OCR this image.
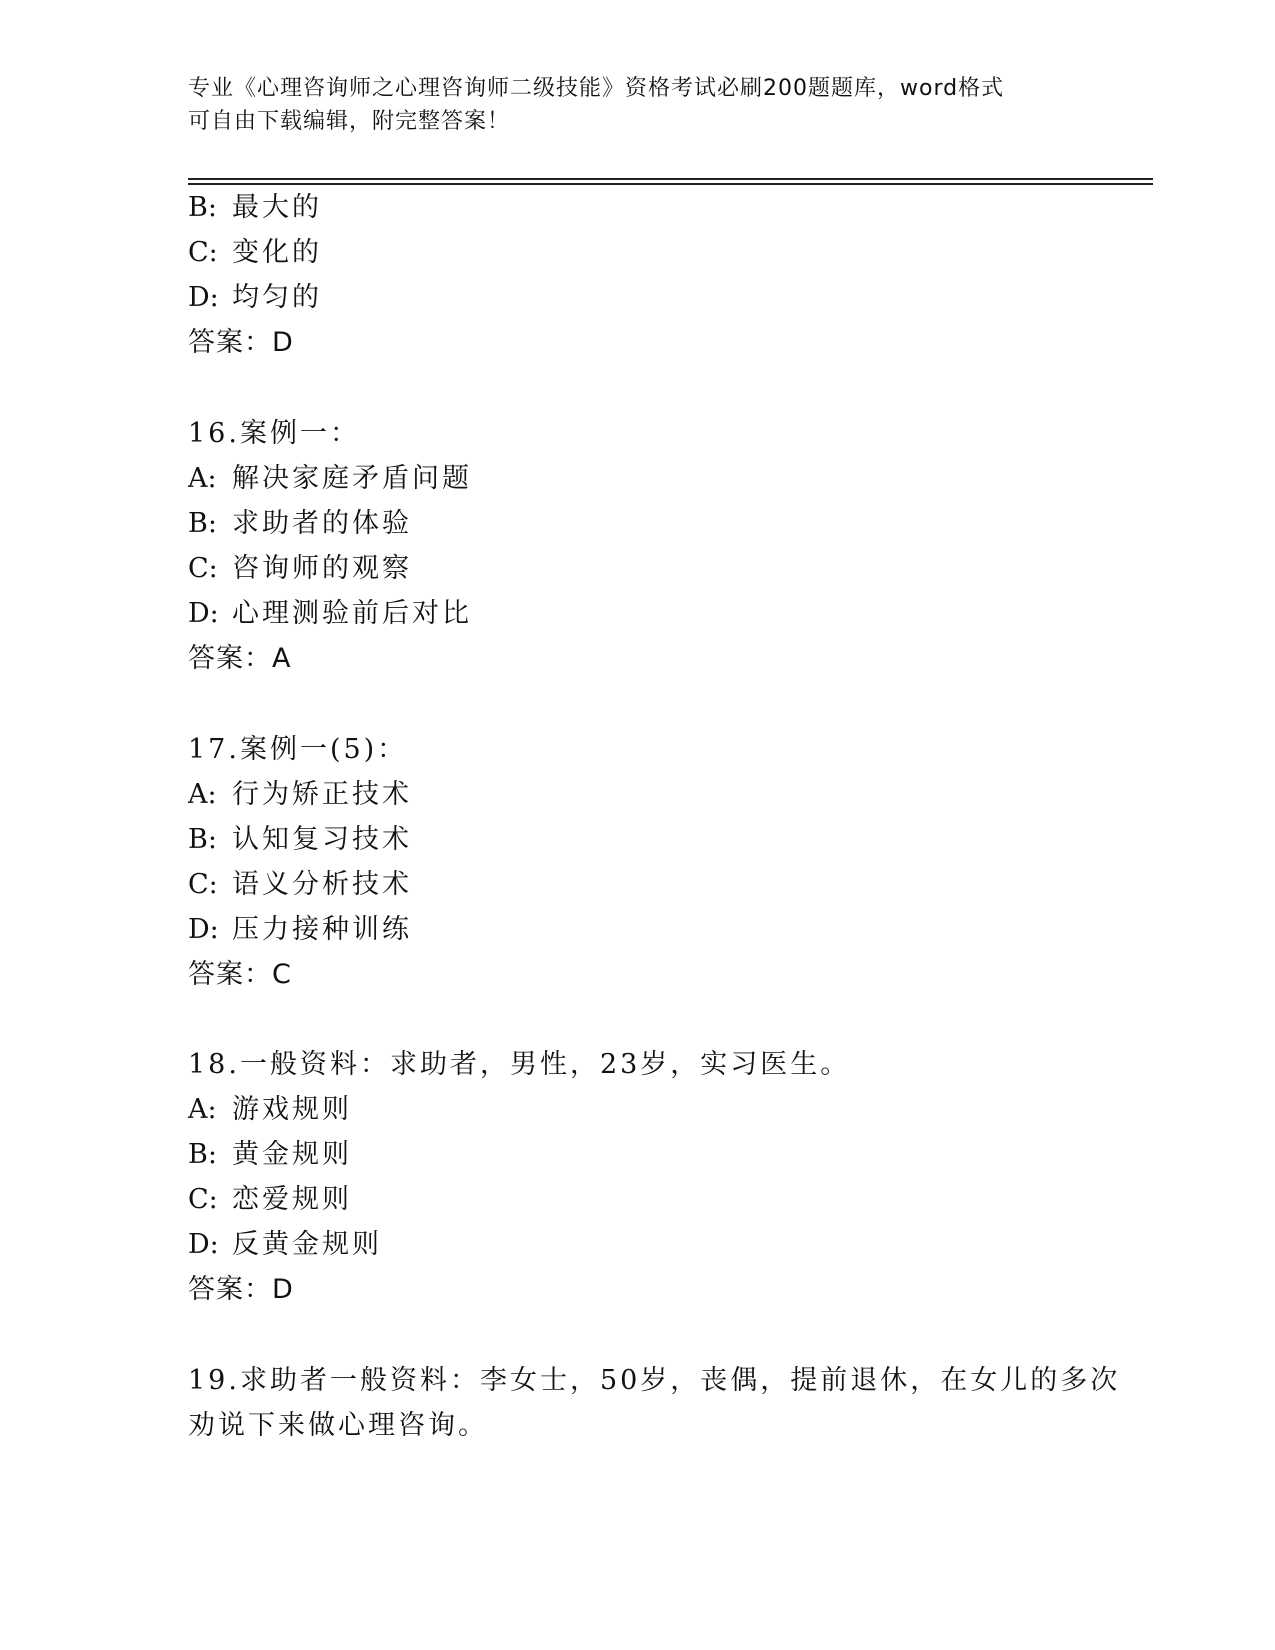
专业《心理咨询师之心理咨询师二级技能》资格考试必刷200题题库，word格式
可自由下载编辑，附完整答案！
B: 最大的
C: 变化的
D: 均匀的
答案：D
16.案例一：
A: 解决家庭矛盾问题
B: 求助者的体验
C: 咨询师的观察
D: 心理测验前后对比
答案：A
17.案例一(5)：
A: 行为矫正技术
B: 认知复习技术
C: 语义分析技术
D: 压力接种训练
答案：C
18.一般资料：求助者，男性，23岁，实习医生。
A: 游戏规则
B: 黄金规则
C: 恋爱规则
D: 反黄金规则
答案：D
19.求助者一般资料：李女士，50岁，丧偶，提前退休，在女儿的多次
劝说下来做心理咨询。
